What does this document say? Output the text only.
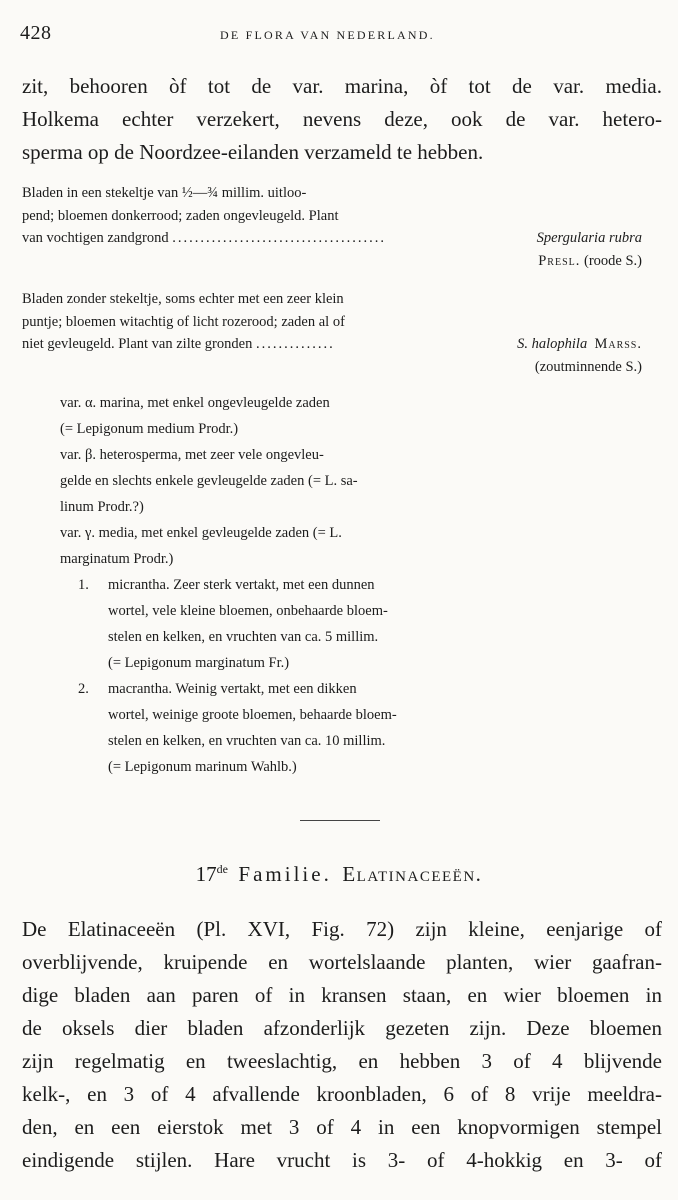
428	DE FLORA VAN NEDERLAND.
zit, behooren òf tot de var. marina, òf tot de var. media.
Holkema echter verzekert, nevens deze, ook de var. hetero-
sperma op de Noordzee-eilanden verzameld te hebben.
Bladen in een stekeltje van ½—¾ millim. uitloo-
pend; bloemen donkerrood; zaden ongevleugeld. Plant
van vochtigen zandgrond ......................................	Spergularia rubra
Presl. (roode S.)
Bladen zonder stekeltje, soms echter met een zeer klein
puntje; bloemen witachtig of licht rozerood; zaden al of
niet gevleugeld. Plant van zilte gronden ..............	S. halophila Marss.
(zoutminnende S.)
var. α. marina, met enkel ongevleugelde zaden
(= Lepigonum medium Prodr.)
var. β. heterosperma, met zeer vele ongevleu-
gelde en slechts enkele gevleugelde zaden (= L. sa-
linum Prodr.?)
var. γ. media, met enkel gevleugelde zaden (= L.
marginatum Prodr.)
1. micrantha. Zeer sterk vertakt, met een dunnen
wortel, vele kleine bloemen, onbehaarde bloem-
stelen en kelken, en vruchten van ca. 5 millim.
(= Lepigonum marginatum Fr.)
2. macrantha. Weinig vertakt, met een dikken
wortel, weinige groote bloemen, behaarde bloem-
stelen en kelken, en vruchten van ca. 10 millim.
(= Lepigonum marinum Wahlb.)
17de Familie. Elatinaceeën.
De Elatinaceeën (Pl. XVI, Fig. 72) zijn kleine, eenjarige of
overblijvende, kruipende en wortelslaande planten, wier gaafran-
dige bladen aan paren of in kransen staan, en wier bloemen in
de oksels dier bladen afzonderlijk gezeten zijn. Deze bloemen
zijn regelmatig en tweeslachtig, en hebben 3 of 4 blijvende
kelk-, en 3 of 4 afvallende kroonbladen, 6 of 8 vrije meeldra-
den, en een eierstok met 3 of 4 in een knopvormigen stempel
eindigende stijlen. Hare vrucht is 3- of 4-hokkig en 3- of
